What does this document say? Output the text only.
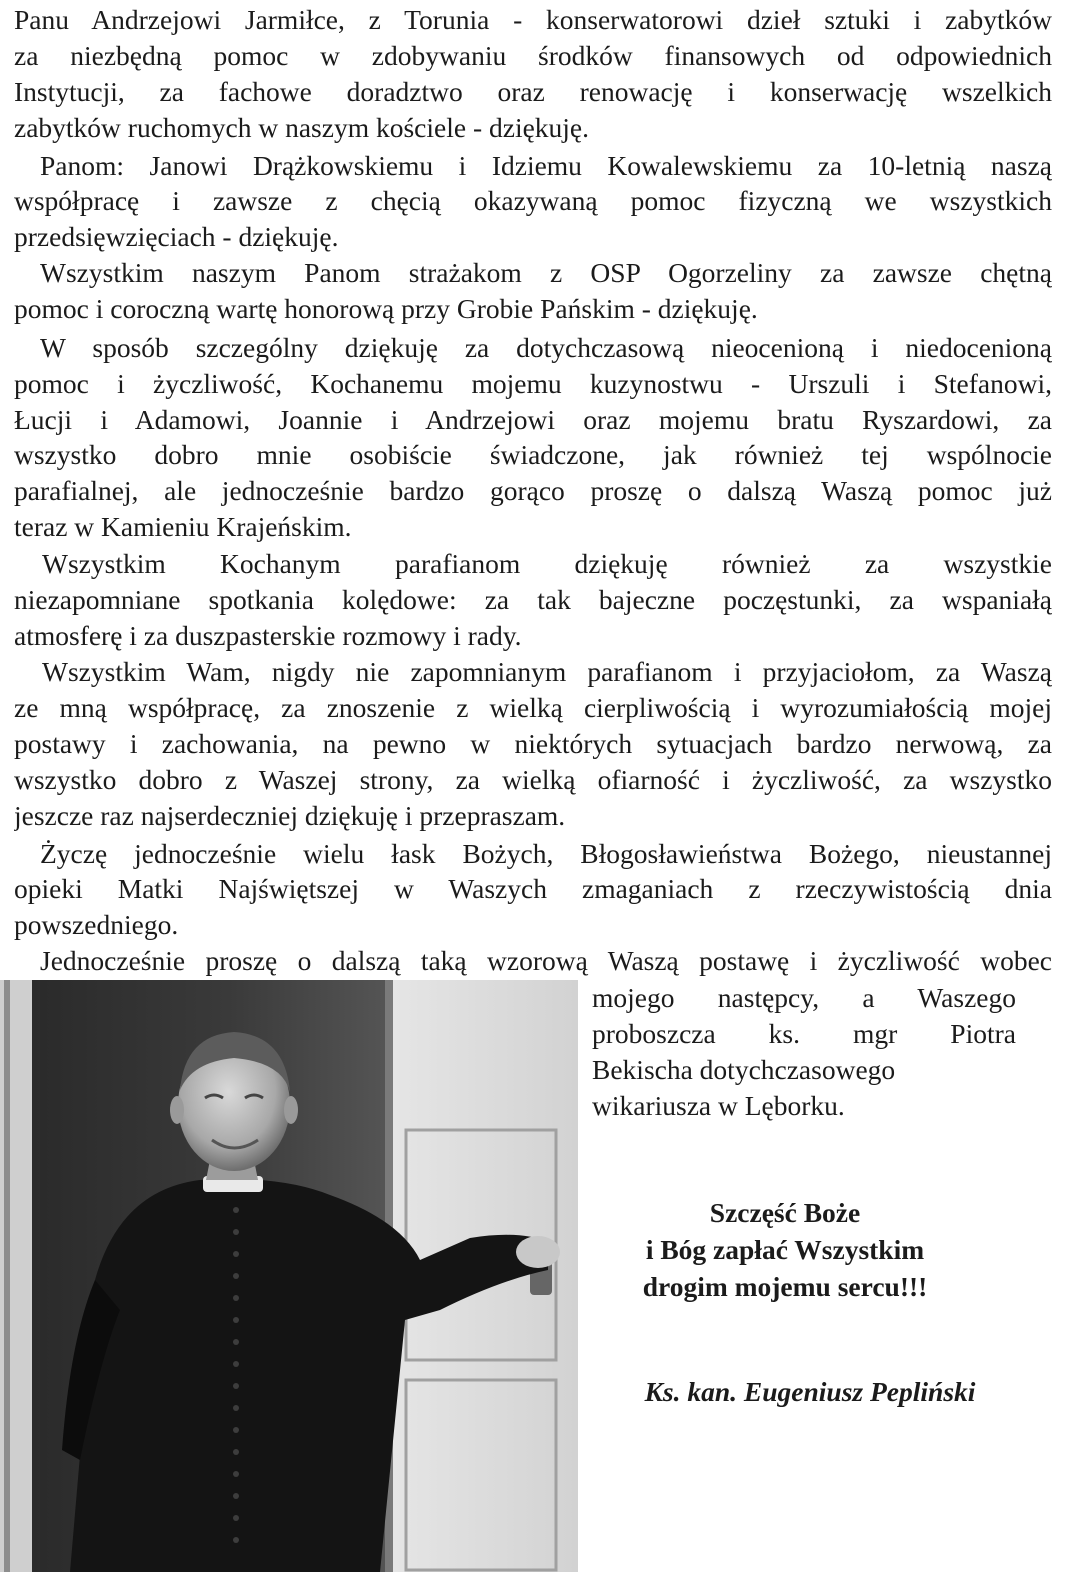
Panu Andrzejowi Jarmiłce, z Torunia - konserwatorowi dzieł sztuki i zabytków
za niezbędną pomoc w zdobywaniu środków finansowych od odpowiednich
Instytucji, za fachowe doradztwo oraz renowację i konserwację wszelkich
zabytków ruchomych w naszym kościele - dziękuję.
Panom: Janowi Drążkowskiemu i Idziemu Kowalewskiemu za 10-letnią naszą
współpracę i zawsze z chęcią okazywaną pomoc fizyczną we wszystkich
przedsięwzięciach - dziękuję.
Wszystkim naszym Panom strażakom z OSP Ogorzeliny za zawsze chętną
pomoc i coroczną wartę honorową przy Grobie Pańskim - dziękuję.
W sposób szczególny dziękuję za dotychczasową nieocenioną i niedocenioną
pomoc i życzliwość, Kochanemu mojemu kuzynostwu - Urszuli i Stefanowi,
Łucji i Adamowi, Joannie i Andrzejowi oraz mojemu bratu Ryszardowi, za
wszystko dobro mnie osobiście świadczone, jak również tej wspólnocie
parafialnej, ale jednocześnie bardzo gorąco proszę o dalszą Waszą pomoc już
teraz w Kamieniu Krajeńskim.
Wszystkim Kochanym parafianom dziękuję również za wszystkie
niezapomniane spotkania kolędowe: za tak bajeczne poczęstunki, za wspaniałą
atmosferę i za duszpasterskie rozmowy i rady.
Wszystkim Wam, nigdy nie zapomnianym parafianom i przyjaciołom, za Waszą
ze mną współpracę, za znoszenie z wielką cierpliwością i wyrozumiałością mojej
postawy i zachowania, na pewno w niektórych sytuacjach bardzo nerwową, za
wszystko dobro z Waszej strony, za wielką ofiarność i życzliwość, za wszystko
jeszcze raz najserdeczniej dziękuję i przepraszam.
Życzę jednocześnie wielu łask Bożych, Błogosławieństwa Bożego, nieustannej
opieki Matki Najświętszej w Waszych zmaganiach z rzeczywistością dnia
powszedniego.
Jednocześnie proszę o dalszą taką wzorową Waszą postawę i życzliwość wobec
mojego następcy, a Waszego
proboszcza ks. mgr Piotra
Bekischa dotychczasowego
wikariusza w Lęborku.
Szczęść Boże
i Bóg zapłać Wszystkim
drogim mojemu sercu!!!
Ks. kan. Eugeniusz Pepliński
